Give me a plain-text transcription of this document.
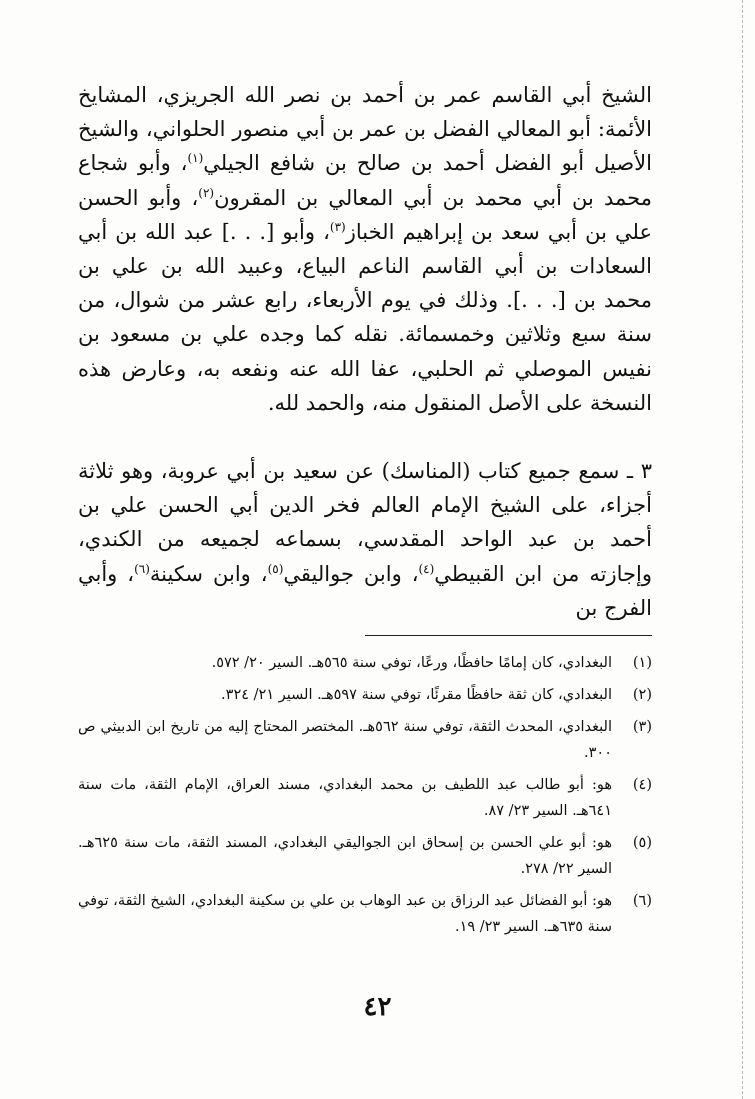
الشيخ أبي القاسم عمر بن أحمد بن نصر الله الجريزي، المشايخ الأئمة: أبو المعالي الفضل بن عمر بن أبي منصور الحلواني، والشيخ الأصيل أبو الفضل أحمد بن صالح بن شافع الجيلي$^{(١)}$، وأبو شجاع محمد بن أبي محمد بن أبي المعالي بن المقرون$^{(٢)}$، وأبو الحسن علي بن أبي سعد بن إبراهيم الخباز$^{(٣)}$، وأبو [. . .] عبد الله بن أبي السعادات بن أبي القاسم الناعم البياع، وعبيد الله بن علي بن محمد بن [. . .]. وذلك في يوم الأربعاء، رابع عشر من شوال، من سنة سبع وثلاثين وخمسمائة. نقله كما وجده علي بن مسعود بن نفيس الموصلي ثم الحلبي، عفا الله عنه ونفعه به، وعارض هذه النسخة على الأصل المنقول منه، والحمد لله.

٣ ـ سمع جميع كتاب (المناسك) عن سعيد بن أبي عروبة، وهو ثلاثة أجزاء، على الشيخ الإمام العالم فخر الدين أبي الحسن علي بن أحمد بن عبد الواحد المقدسي، بسماعه لجميعه من الكندي، وإجازته من ابن القبيطي$^{(٤)}$، وابن جواليقي$^{(٥)}$، وابن سكينة$^{(٦)}$، وأبي الفرج بن

(١)
البغدادي، كان إمامًا حافظًا، ورعًا، توفي سنة ٥٦٥هـ. السير ٢٠/ ٥٧٢.
(٢)
البغدادي، كان ثقة حافظًا مقرئًا، توفي سنة ٥٩٧هـ. السير ٢١/ ٣٢٤.
(٣)
البغدادي، المحدث الثقة، توفي سنة ٥٦٢هـ. المختصر المحتاج إليه من تاريخ ابن الدبيثي ص ٣٠٠.
(٤)
هو: أبو طالب عبد اللطيف بن محمد البغدادي، مسند العراق، الإمام الثقة، مات سنة ٦٤١هـ. السير ٢٣/ ٨٧.
(٥)
هو: أبو علي الحسن بن إسحاق ابن الجواليقي البغدادي، المسند الثقة، مات سنة ٦٢٥هـ. السير ٢٢/ ٢٧٨.
(٦)
هو: أبو الفضائل عبد الرزاق بن عبد الوهاب بن علي بن سكينة البغدادي، الشيخ الثقة، توفي سنة ٦٣٥هـ. السير ٢٣/ ١٩.
٤٢
